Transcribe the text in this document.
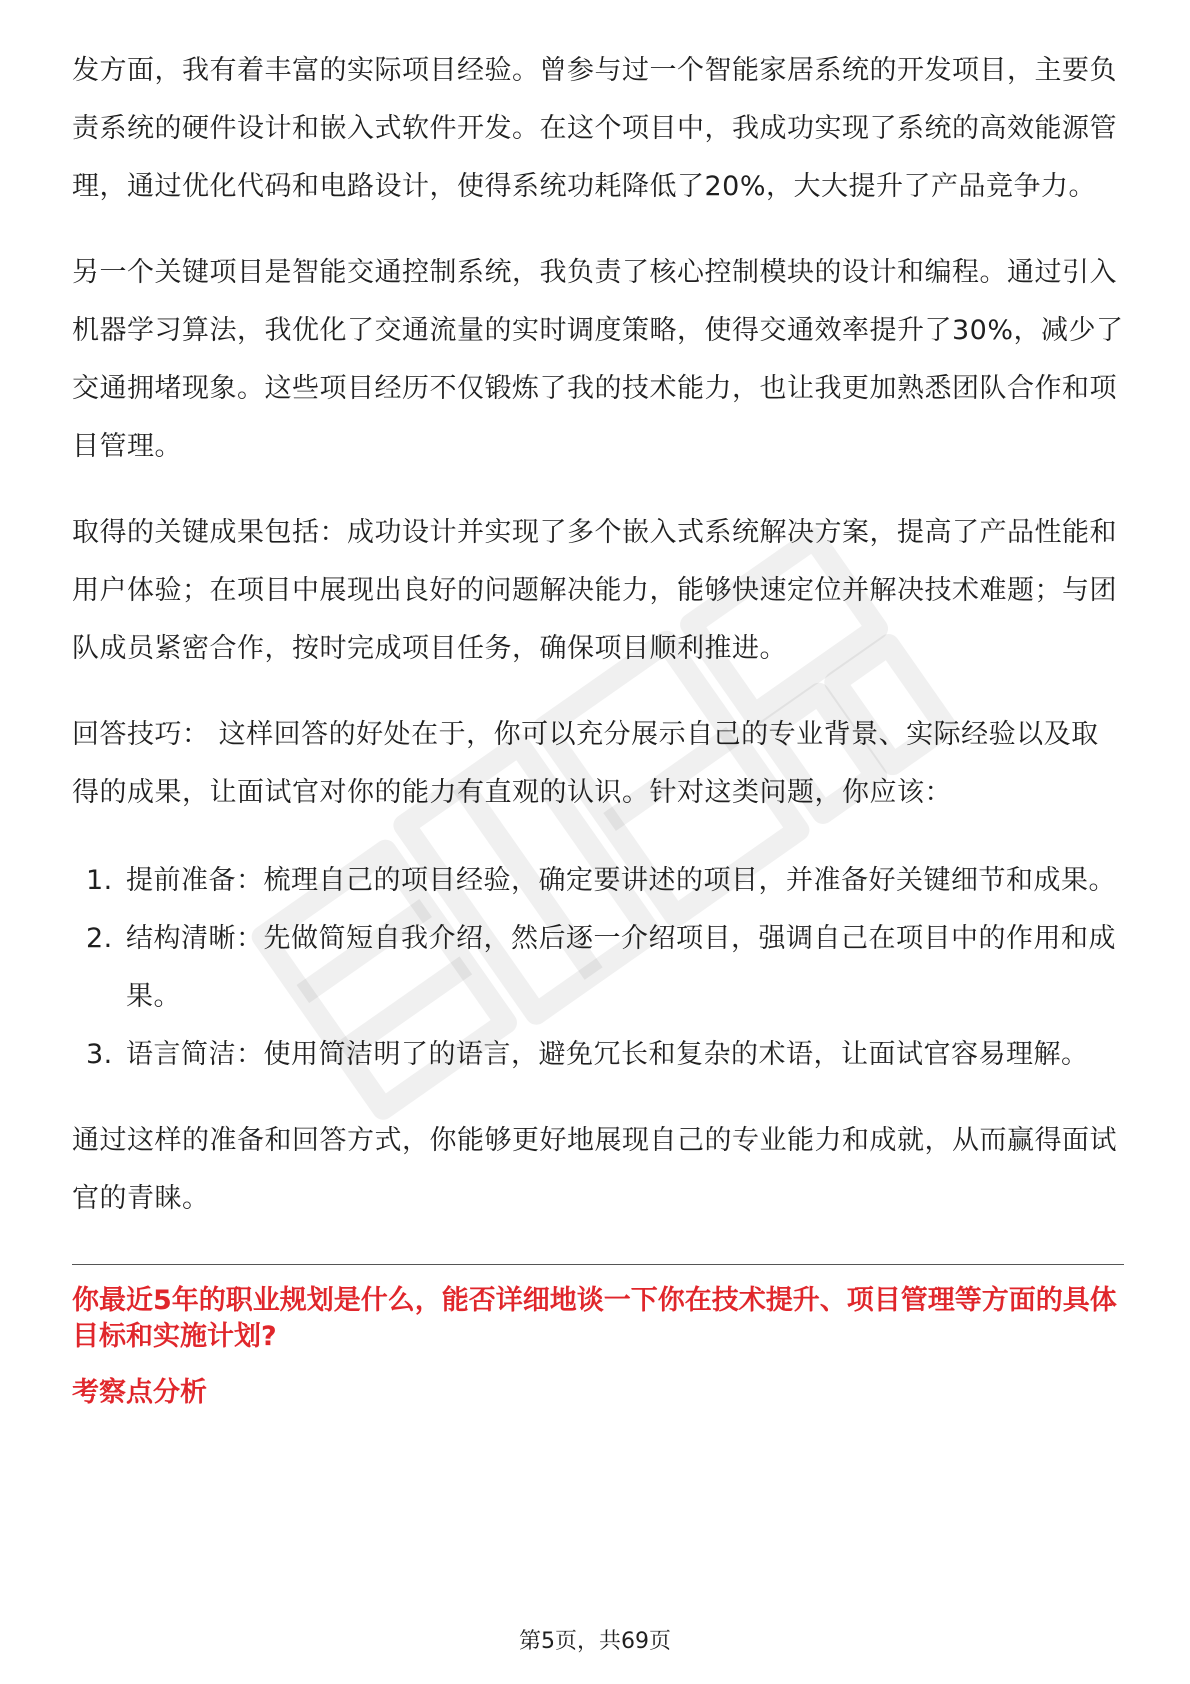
发方面，我有着丰富的实际项目经验。曾参与过一个智能家居系统的开发项目，主要负责系统的硬件设计和嵌入式软件开发。在这个项目中，我成功实现了系统的高效能源管理，通过优化代码和电路设计，使得系统功耗降低了20%，大大提升了产品竞争力。

另一个关键项目是智能交通控制系统，我负责了核心控制模块的设计和编程。通过引入机器学习算法，我优化了交通流量的实时调度策略，使得交通效率提升了30%，减少了交通拥堵现象。这些项目经历不仅锻炼了我的技术能力，也让我更加熟悉团队合作和项目管理。

取得的关键成果包括：成功设计并实现了多个嵌入式系统解决方案，提高了产品性能和用户体验；在项目中展现出良好的问题解决能力，能够快速定位并解决技术难题；与团队成员紧密合作，按时完成项目任务，确保项目顺利推进。

回答技巧： 这样回答的好处在于，你可以充分展示自己的专业背景、实际经验以及取得的成果，让面试官对你的能力有直观的认识。针对这类问题，你应该：

1. 提前准备：梳理自己的项目经验，确定要讲述的项目，并准备好关键细节和成果。
2. 结构清晰：先做简短自我介绍，然后逐一介绍项目，强调自己在项目中的作用和成果。
3. 语言简洁：使用简洁明了的语言，避免冗长和复杂的术语，让面试官容易理解。

通过这样的准备和回答方式，你能够更好地展现自己的专业能力和成就，从而赢得面试官的青睐。

你最近5年的职业规划是什么，能否详细地谈一下你在技术提升、项目管理等方面的具体目标和实施计划?

考察点分析

第5页，共69页
